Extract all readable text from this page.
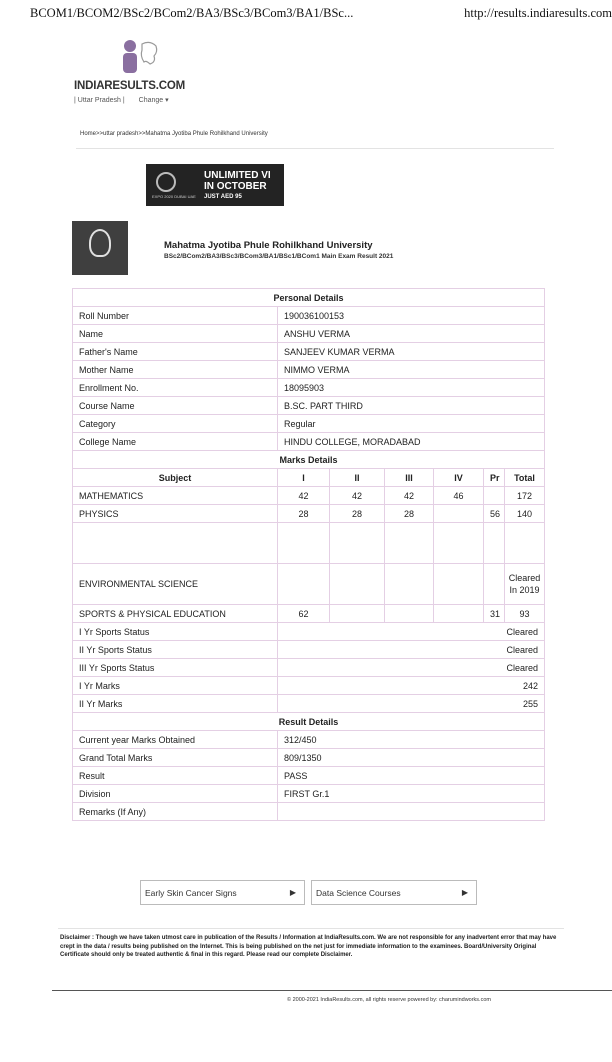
BCOM1/BCOM2/BSc2/BCom2/BA3/BSc3/BCom3/BA1/BSc...	http://results.indiaresults.com
INDIARESULTS.COM
| Uttar Pradesh | Change ▾
Home>>uttar pradesh>>Mahatma Jyotiba Phule Rohilkhand University
EXPO 2020 DUBAI UAE
UNLIMITED VI
IN OCTOBER
JUST AED 95
Mahatma Jyotiba Phule Rohilkhand University
BSc2/BCom2/BA3/BSc3/BCom3/BA1/BSc1/BCom1 Main Exam Result 2021
Personal Details						
Roll Number	190036100153					
Name	ANSHU VERMA					
Father's Name	SANJEEV KUMAR VERMA					
Mother Name	NIMMO VERMA					
Enrollment No.	18095903					
Course Name	B.SC. PART THIRD					
Category	Regular					
College Name	HINDU COLLEGE, MORADABAD					
Marks Details						
Subject	I	II	III	IV	Pr	Total
MATHEMATICS	42	42	42	46		172
PHYSICS	28	28	28		56	140

ENVIRONMENTAL SCIENCE						Cleared In 2019
SPORTS & PHYSICAL EDUCATION	62				31	93
I Yr Sports Status	Cleared					
II Yr Sports Status	Cleared					
III Yr Sports Status	Cleared					
I Yr Marks	242					
II Yr Marks	255					
Result Details						
Current year Marks Obtained	312/450					
Grand Total Marks	809/1350					
Result	PASS					
Division	FIRST Gr.1					
Remarks (If Any)						
Early Skin Cancer Signs	▶ Data Science Courses	▶
Disclaimer : Though we have taken utmost care in publication of the Results / Information at IndiaResults.com. We are not responsible for any inadvertent error that may have crept in the data / results being published on the Internet. This is being published on the net just for immediate information to the examinees. Board/University Original Certificate should only be treated authentic & final in this regard. Please read our complete Disclaimer.
© 2000-2021 IndiaResults.com, all rights reserve powered by: charumindworks.com
